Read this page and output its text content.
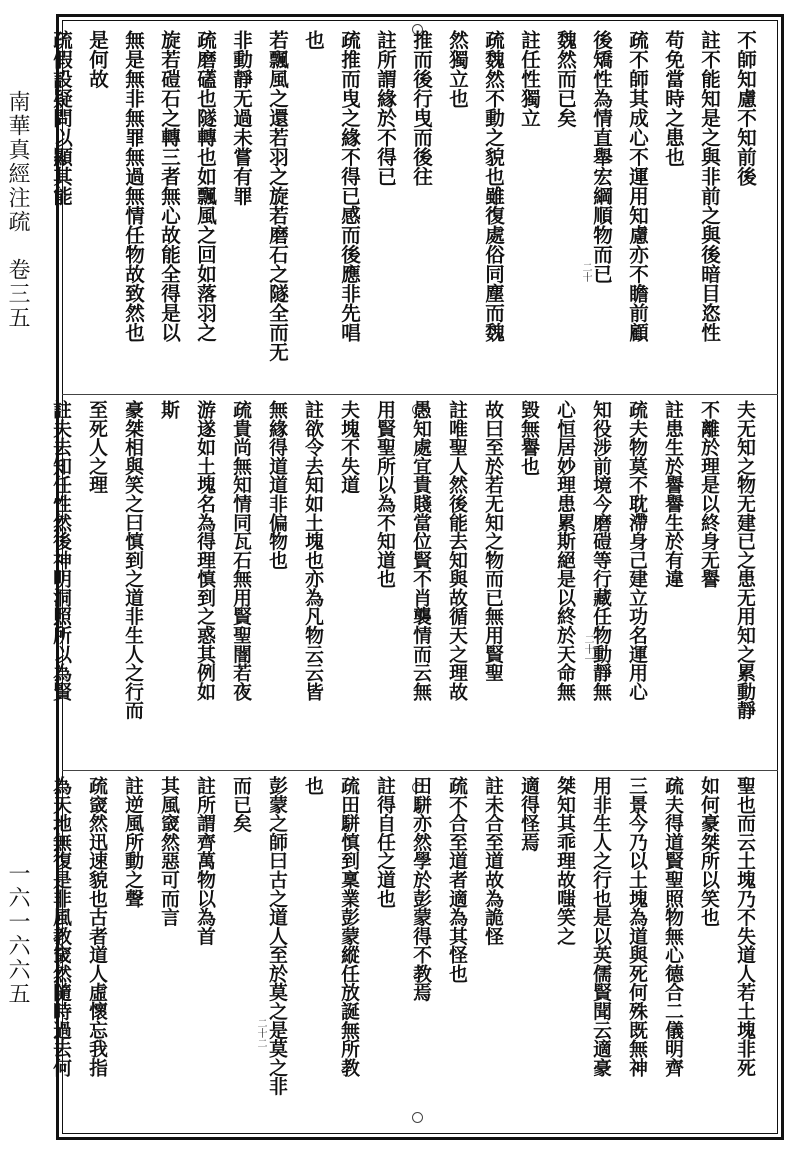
南華真經注疏　卷三五
一六一六六五
二十
二十一
二十二
不師知慮不知前後
註不能知是之與非前之與後暗目恣性
苟免當時之患也
疏不師其成心不運用知慮亦不瞻前顧
後矯性為情直舉宏綱順物而已
魏然而已矣
註任性獨立
疏魏然不動之貌也雖復處俗同塵而魏
然獨立也
推而後行曳而後往
註所謂緣於不得已
疏推而曳之緣不得已感而後應非先唱
也
若飄風之還若羽之旋若磨石之隧全而无
非動靜无過未嘗有罪
疏磨礚也隧轉也如飄風之回如落羽之
旋若磑石之轉三者無心故能全得是以
無是無非無罪無過無情任物故致然也
是何故
疏假設疑問以顯其能
夫无知之物无建已之患无用知之累動靜
不離於理是以終身无譽
註患生於譽譽生於有違
疏夫物莫不耽滯身己建立功名運用心
知役涉前境今磨磑等行藏任物動靜無
心恒居妙理患累斯絕是以終於天命無
毀無譽也
故曰至於若无知之物而已無用賢聖
註唯聖人然後能去知與故循天之理故
愚知處宜貴賤當位賢不肖襲情而云無
用賢聖所以為不知道也
夫塊不失道
註欲令去知如土塊也亦為凡物云云皆
無緣得道道非偏物也
疏貴尚無知情同瓦石無用賢聖闇若夜
游遂如土塊名為得理慎到之惑其例如
斯
豪桀相與笑之曰慎到之道非生人之行而
至死人之理
註夫去知任性然後神明洞照所以為賢
聖也而云土塊乃不失道人若土塊非死
如何豪桀所以笑也
疏夫得道賢聖照物無心德合二儀明齊
三景今乃以土塊為道與死何殊既無神
用非生人之行也是以英儒賢聞云適豪
桀知其乖理故嗤笑之
適得怪焉
註未合至道故為詭怪
疏不合至道者適為其怪也
田駢亦然學於彭蒙得不教焉
註得自任之道也
疏田駢慎到稟業彭蒙縱任放誕無所教
也
彭蒙之師曰古之道人至於莫之是莫之非
而已矣
註所謂齊萬物以為首
其風窢然惡可而言
註逆風所動之聲
疏窢然迅速貌也古者道人虛懷忘我指
為天地無復是非風教窢然隨時過去何
